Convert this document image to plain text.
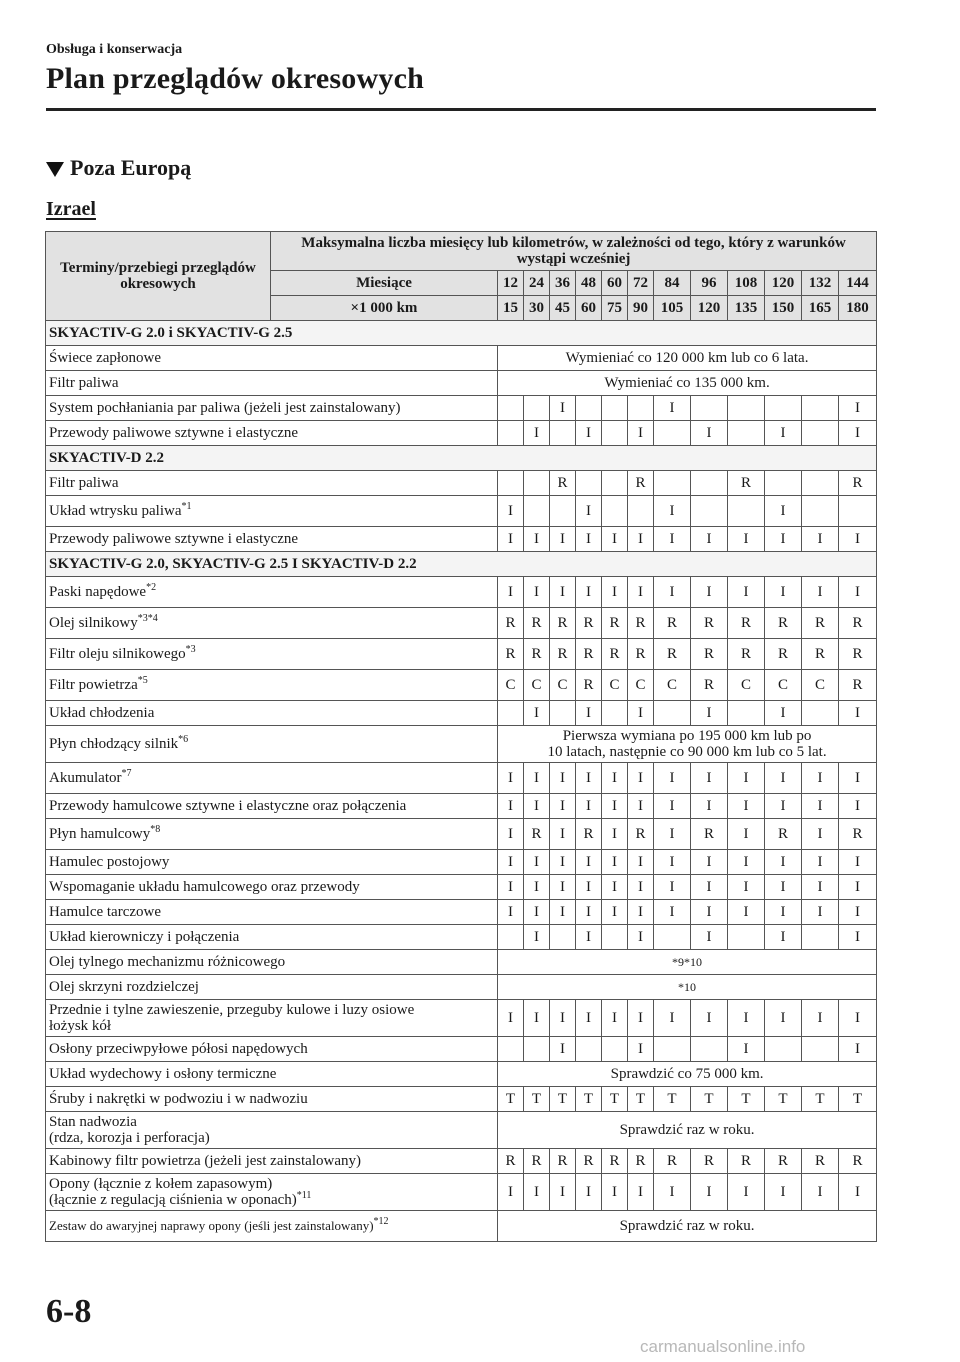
Obsługa i konserwacja
Plan przeglądów okresowych
Poza Europą
Izrael
Terminy/przebiegi przeglądów okresowych	Maksymalna liczba miesięcy lub kilometrów, w zależności od tego, który z warunków wystąpi wcześniej												
	Miesiące	12	24	36	48	60	72	84	96	108	120	132	144
	×1 000 km	15	30	45	60	75	90	105	120	135	150	165	180
SKYACTIV-G 2.0 i SKYACTIV-G 2.5													
Świece zapłonowe		Wymieniać co 120 000 km lub co 6 lata.											
Filtr paliwa		Wymieniać co 135 000 km.											
System pochłaniania par paliwa (jeżeli jest zainstalowany)				I				I					I
Przewody paliwowe sztywne i elastyczne			I		I		I		I		I		I
SKYACTIV-D 2.2													
Filtr paliwa				R			R			R			R
Układ wtrysku paliwa$^{*1}$		I			I			I			I		
Przewody paliwowe sztywne i elastyczne		I	I	I	I	I	I	I	I	I	I	I	I
SKYACTIV-G 2.0, SKYACTIV-G 2.5 I SKYACTIV-D 2.2													
Paski napędowe$^{*2}$		I	I	I	I	I	I	I	I	I	I	I	I
Olej silnikowy$^{*3*4}$		R	R	R	R	R	R	R	R	R	R	R	R
Filtr oleju silnikowego$^{*3}$		R	R	R	R	R	R	R	R	R	R	R	R
Filtr powietrza$^{*5}$		C	C	C	R	C	C	C	R	C	C	C	R
Układ chłodzenia			I		I		I		I		I		I
Płyn chłodzący silnik$^{*6}$		Pierwsza wymiana po 195 000 km lub po
10 latach, następnie co 90 000 km lub co 5 lat.											

Akumulator$^{*7}$		I	I	I	I	I	I	I	I	I	I	I	I
Przewody hamulcowe sztywne i elastyczne oraz połączenia		I	I	I	I	I	I	I	I	I	I	I	I
Płyn hamulcowy$^{*8}$		I	R	I	R	I	R	I	R	I	R	I	R
Hamulec postojowy		I	I	I	I	I	I	I	I	I	I	I	I
Wspomaganie układu hamulcowego oraz przewody		I	I	I	I	I	I	I	I	I	I	I	I
Hamulce tarczowe		I	I	I	I	I	I	I	I	I	I	I	I
Układ kierowniczy i połączenia			I		I		I		I		I		I
Olej tylnego mechanizmu różnicowego		*9*10											
Olej skrzyni rozdzielczej		*10											

Przednie i tylne zawieszenie, przeguby kulowe i luzy osiowe
łożysk kół		I	I	I	I	I	I	I	I	I	I	I	I
Osłony przeciwpyłowe półosi napędowych				I			I			I			I
Układ wydechowy i osłony termiczne		Sprawdzić co 75 000 km.											
Śruby i nakrętki w podwoziu i w nadwoziu		T	T	T	T	T	T	T	T	T	T	T	T

Stan nadwozia
(rdza, korozja i perforacja)		Sprawdzić raz w roku.											
Kabinowy filtr powietrza (jeżeli jest zainstalowany)		R	R	R	R	R	R	R	R	R	R	R	R

Opony (łącznie z kołem zapasowym)
(łącznie z regulacją ciśnienia w oponach)$^{*11}$		I	I	I	I	I	I	I	I	I	I	I	I
Zestaw do awaryjnej naprawy opony (jeśli jest zainstalowany)$^{*12}$		Sprawdzić raz w roku.											
6-8
carmanualsonline.info
